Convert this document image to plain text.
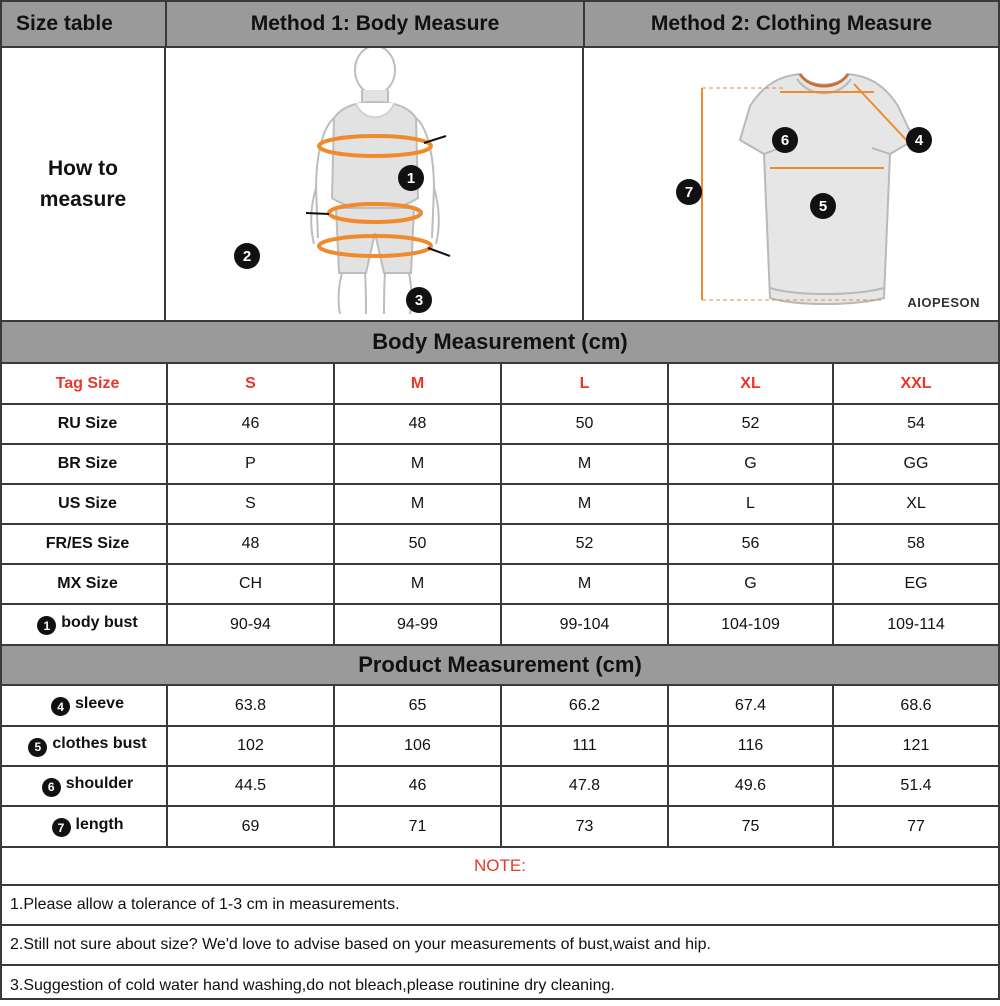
Size table	Method 1: Body Measure	Method 2: Clothing Measure
How to
measure
1
2
3
6	4
5
7
AIOPESON
Body Measurement (cm)
Tag Size	S	M	L	XL	XXL
RU Size	46	48	50	52	54
BR Size	P	M	M	G	GG
US Size	S	M	M	L	XL
FR/ES Size	48	50	52	56	58
MX Size	CH	M	M	G	EG
1 body bust	90-94	94-99	99-104	104-109	109-114
Product Measurement (cm)
4 sleeve	63.8	65	66.2	67.4	68.6
5 clothes bust	102	106	111	116	121
6 shoulder	44.5	46	47.8	49.6	51.4
7 length	69	71	73	75	77
NOTE:
1.Please allow a tolerance of 1-3 cm in measurements.
2.Still not sure about size? We'd love to advise based on your measurements of bust,waist and hip.
3.Suggestion of cold water hand washing,do not bleach,please routinine dry cleaning.
